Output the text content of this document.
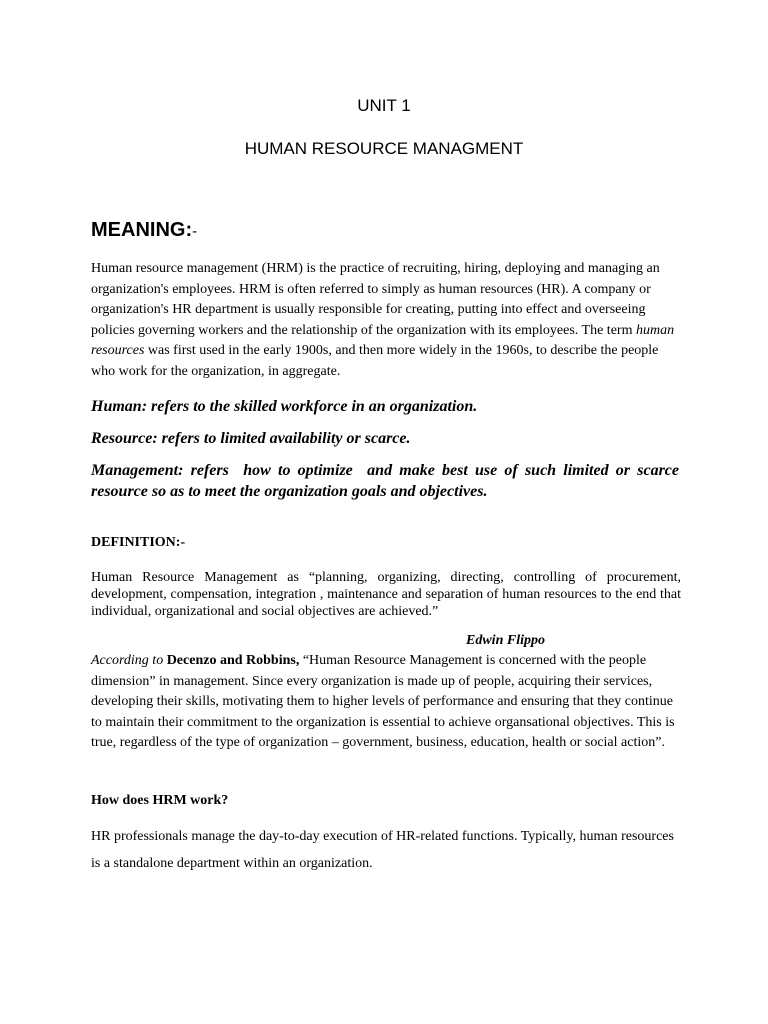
UNIT 1
HUMAN RESOURCE MANAGMENT
MEANING:-
Human resource management (HRM) is the practice of recruiting, hiring, deploying and managing an organization's employees. HRM is often referred to simply as human resources (HR). A company or organization's HR department is usually responsible for creating, putting into effect and overseeing policies governing workers and the relationship of the organization with its employees. The term human resources was first used in the early 1900s, and then more widely in the 1960s, to describe the people who work for the organization, in aggregate.
Human: refers to the skilled workforce in an organization.
Resource: refers to limited availability or scarce.
Management: refers  how to optimize  and make best use of such limited or scarce resource so as to meet the organization goals and objectives.
DEFINITION:-
Human Resource Management as “planning, organizing, directing, controlling of procurement, development, compensation, integration , maintenance and separation of human resources to the end that individual, organizational and social objectives are achieved.”
Edwin Flippo
According to Decenzo and Robbins, “Human Resource Management is concerned with the people dimension” in management. Since every organization is made up of people, acquiring their services, developing their skills, motivating them to higher levels of performance and ensuring that they continue to maintain their commitment to the organization is essential to achieve organsational objectives. This is true, regardless of the type of organization – government, business, education, health or social action”.
How does HRM work?
HR professionals manage the day-to-day execution of HR-related functions. Typically, human resources is a standalone department within an organization.
